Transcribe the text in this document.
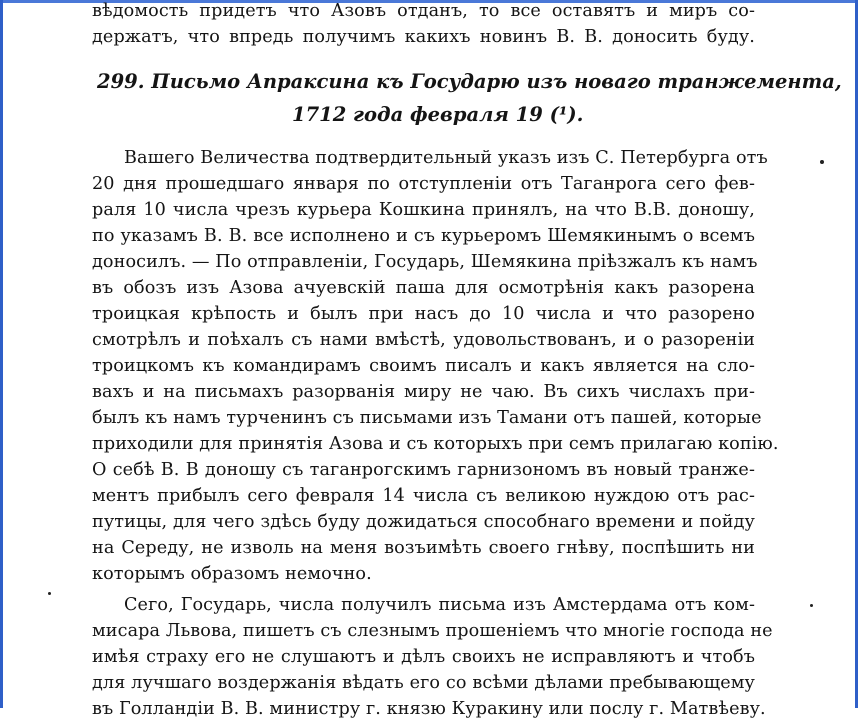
вѣдомость придетъ что Азовъ отданъ, то все оставятъ и миръ со-
держатъ, что впредь получимъ какихъ новинъ В. В. доносить буду.
299. Письмо Апраксина къ Государю изъ новаго транжемента,
1712 года февраля 19 (¹).
Вашего Величества подтвердительный указъ изъ С. Петербурга отъ
20 дня прошедшаго января по отступленіи отъ Таганрога сего фев-
раля 10 числа чрезъ курьера Кошкина принялъ, на что В.В. доношу,
по указамъ В. В. все исполнено и съ курьеромъ Шемякинымъ о всемъ
доносилъ. — По отправленіи, Государь, Шемякина пріѣзжалъ къ намъ
въ обозъ изъ Азова ачуевскій паша для осмотрѣнія какъ разорена
троицкая крѣпость и былъ при насъ до 10 числа и что разорено
смотрѣлъ и поѣхалъ съ нами вмѣстѣ, удовольствованъ, и о разореніи
троицкомъ къ командирамъ своимъ писалъ и какъ является на сло-
вахъ и на письмахъ разорванія миру не чаю. Въ сихъ числахъ при-
былъ къ намъ турченинъ съ письмами изъ Тамани отъ пашей, которые
приходили для принятія Азова и съ которыхъ при семъ прилагаю копію.
О себѣ В. В доношу съ таганрогскимъ гарнизономъ въ новый транже-
ментъ прибылъ сего февраля 14 числа съ великою нуждою отъ рас-
путицы, для чего здѣсь буду дожидаться способнаго времени и пойду
на Середу, не изволь на меня возъимѣть своего гнѣву, поспѣшить ни
которымъ образомъ немочно.
Сего, Государь, числа получилъ письма изъ Амстердама отъ ком-
мисара Львова, пишетъ съ слезнымъ прошеніемъ что многіе господа не
имѣя страху его не слушаютъ и дѣлъ своихъ не исправляютъ и чтобъ
для лучшаго воздержанія вѣдать его со всѣми дѣлами пребывающему
въ Голландіи В. В. министру г. князю Куракину или послу г. Матвѣеву.
